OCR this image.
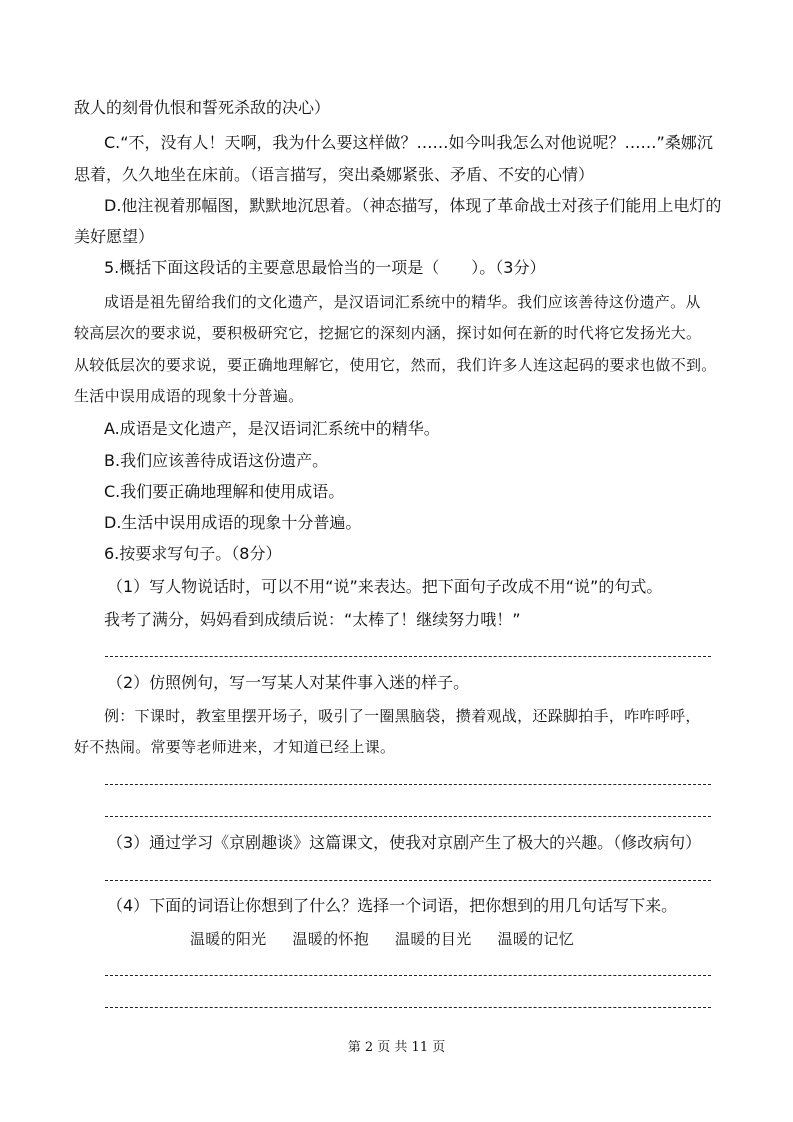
敌人的刻骨仇恨和誓死杀敌的决心）
C.“不，没有人！天啊，我为什么要这样做？……如今叫我怎么对他说呢？……”桑娜沉
思着，久久地坐在床前。（语言描写，突出桑娜紧张、矛盾、不安的心情）
D.他注视着那幅图，默默地沉思着。（神态描写，体现了革命战士对孩子们能用上电灯的
美好愿望）
5.概括下面这段话的主要意思最恰当的一项是（　　）。（3分）
成语是祖先留给我们的文化遗产，是汉语词汇系统中的精华。我们应该善待这份遗产。从
较高层次的要求说，要积极研究它，挖掘它的深刻内涵，探讨如何在新的时代将它发扬光大。
从较低层次的要求说，要正确地理解它，使用它，然而，我们许多人连这起码的要求也做不到。
生活中误用成语的现象十分普遍。
A.成语是文化遗产，是汉语词汇系统中的精华。
B.我们应该善待成语这份遗产。
C.我们要正确地理解和使用成语。
D.生活中误用成语的现象十分普遍。
6.按要求写句子。（8分）
（1）写人物说话时，可以不用“说”来表达。把下面句子改成不用“说”的句式。
我考了满分，妈妈看到成绩后说：“太棒了！继续努力哦！”
（2）仿照例句，写一写某人对某件事入迷的样子。
例：下课时，教室里摆开场子，吸引了一圈黑脑袋，攒着观战，还跺脚拍手，咋咋呼呼，
好不热闹。常要等老师进来，才知道已经上课。
（3）通过学习《京剧趣谈》这篇课文，使我对京剧产生了极大的兴趣。（修改病句）
（4）下面的词语让你想到了什么？选择一个词语，把你想到的用几句话写下来。
温暖的阳光 温暖的怀抱 温暖的目光 温暖的记忆
第 2 页 共 11 页
